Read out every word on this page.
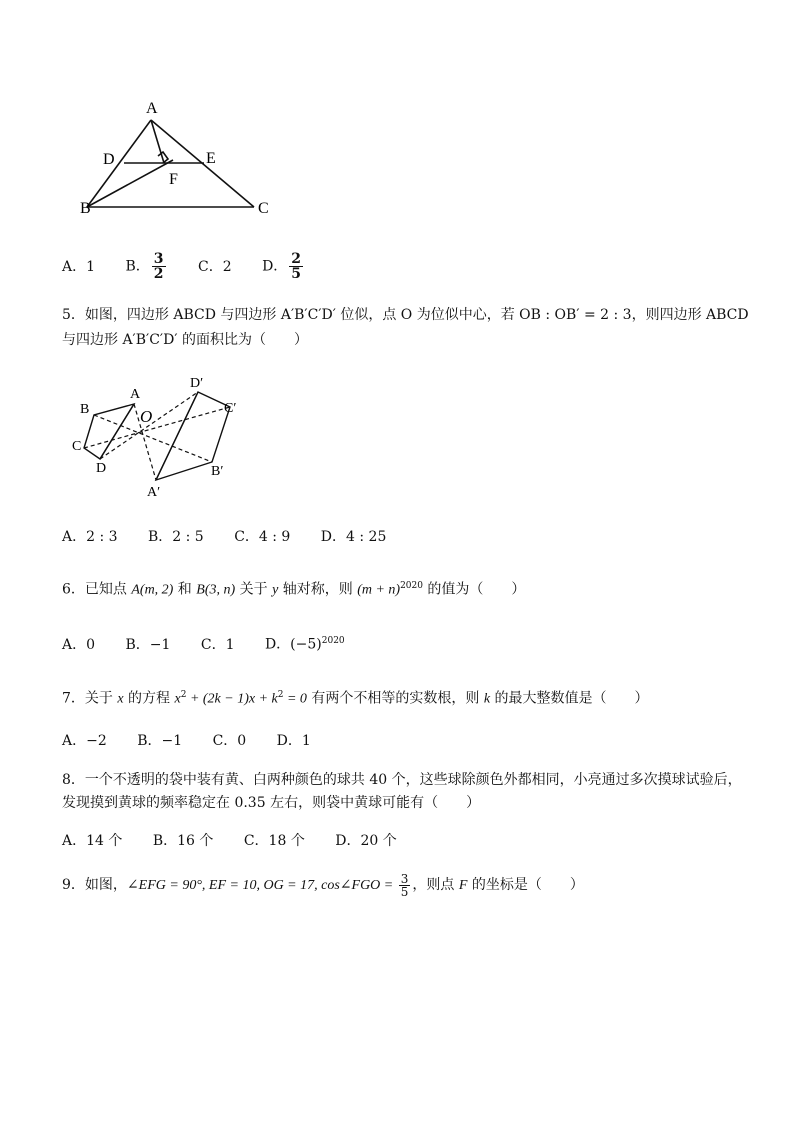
A
D	E
F
B	C
A．1 B． $\frac{3}{2}$ C．2 D． $\frac{2}{5}$
5．如图，四边形 ABCD 与四边形 A′B′C′D′ 位似，点 O 为位似中心，若 OB : OB′ = 2 : 3，则四边形 ABCD
与四边形 A′B′C′D′ 的面积比为（　　）
A
B
C
D
O
D′
C′
B′
A′
A．2 : 3 B．2 : 5 C．4 : 9 D．4 : 25
6．已知点 A(m, 2) 和 B(3, n) 关于 y 轴对称，则 $(m + n)^{2020}$ 的值为（　　）
A．0 B．−1 C．1 D．$(-5)^{2020}$
7．关于 x 的方程 $x^2 + (2k - 1)x + k^2 = 0$ 有两个不相等的实数根，则 k 的最大整数值是（　　）
A．−2 B．−1 C．0 D．1
8．一个不透明的袋中装有黄、白两种颜色的球共 40 个，这些球除颜色外都相同，小亮通过多次摸球试验后，
发现摸到黄球的频率稳定在 0.35 左右，则袋中黄球可能有（　　）
A．14 个 B．16 个 C．18 个 D．20 个
9．如图，∠EFG = 90°, EF = 10, OG = 17, cos∠FGO = $\frac{3}{5}$ ，则点 F 的坐标是（　　）
